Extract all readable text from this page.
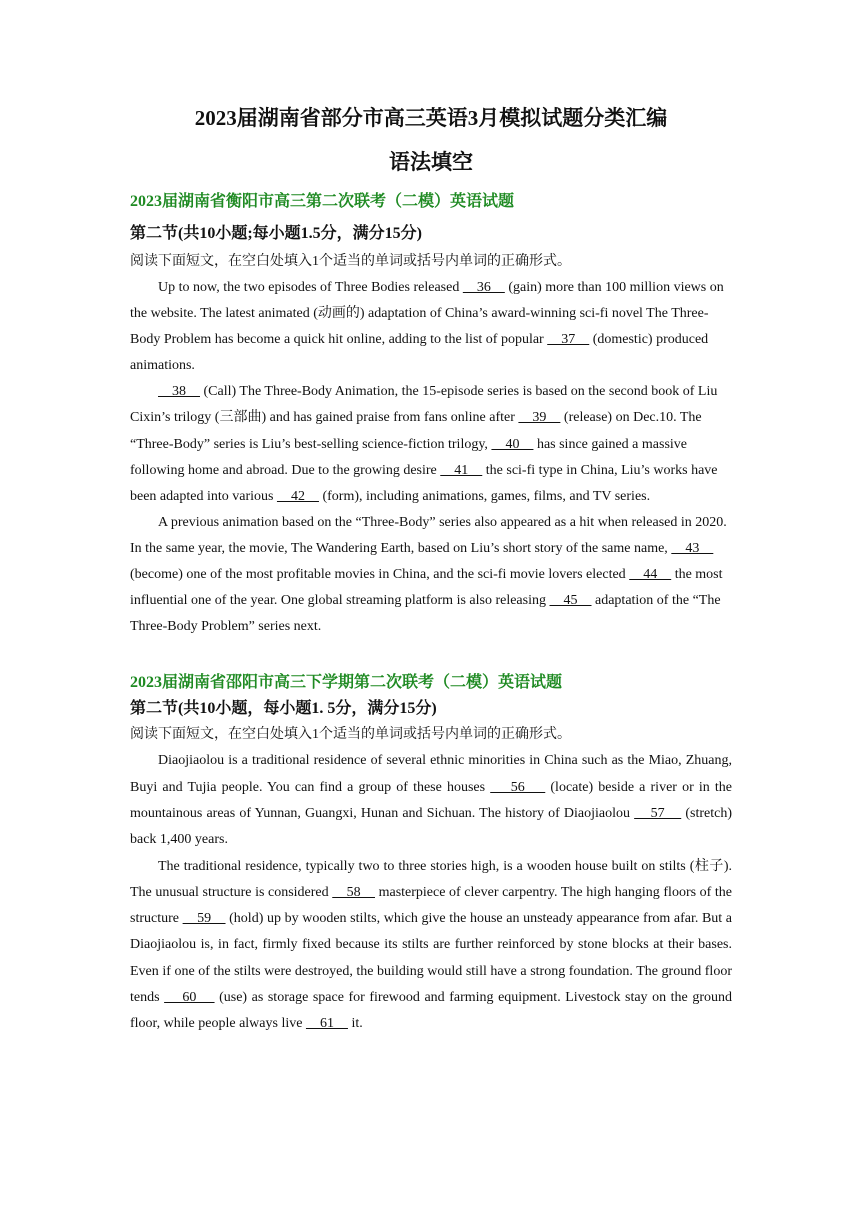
2023届湖南省部分市高三英语3月模拟试题分类汇编
语法填空

2023届湖南省衡阳市高三第二次联考（二模）英语试题

第二节(共10小题;每小题1.5分，满分15分)

阅读下面短文，在空白处填入1个适当的单词或括号内单词的正确形式。

Up to now, the two episodes of Three Bodies released     36     (gain) more than 100 million views on the website. The latest animated (动画的) adaptation of China’s award-winning sci-fi novel The Three-Body Problem has become a quick hit online, adding to the list of popular     37     (domestic) produced animations.

38     (Call) The Three-Body Animation, the 15-episode series is based on the second book of Liu Cixin’s trilogy (三部曲) and has gained praise from fans online after     39     (release) on Dec.10. The “Three-Body” series is Liu’s best-selling science-fiction trilogy,     40     has since gained a massive following home and abroad. Due to the growing desire     41     the sci-fi type in China, Liu’s works have been adapted into various     42     (form), including animations, games, films, and TV series.

A previous animation based on the “Three-Body” series also appeared as a hit when released in 2020. In the same year, the movie, The Wandering Earth, based on Liu’s short story of the same name,     43     (become) one of the most profitable movies in China, and the sci-fi movie lovers elected     44     the most influential one of the year. One global streaming platform is also releasing     45     adaptation of the “The Three-Body Problem” series next.

2023届湖南省邵阳市高三下学期第二次联考（二模）英语试题

第二节(共10小题，每小题1. 5分，满分15分)

阅读下面短文，在空白处填入1个适当的单词或括号内单词的正确形式。

Diaojiaolou is a traditional residence of several ethnic minorities in China such as the Miao, Zhuang, Buyi and Tujia people. You can find a group of these houses     56     (locate) beside a river or in the mountainous areas of Yunnan, Guangxi, Hunan and Sichuan. The history of Diaojiaolou     57     (stretch) back 1,400 years.

The traditional residence, typically two to three stories high, is a wooden house built on stilts (柱子). The unusual structure is considered     58     masterpiece of clever carpentry. The high hanging floors of the structure     59     (hold) up by wooden stilts, which give the house an unsteady appearance from afar. But a Diaojiaolou is, in fact, firmly fixed because its stilts are further reinforced by stone blocks at their bases. Even if one of the stilts were destroyed, the building would still have a strong foundation. The ground floor tends     60     (use) as storage space for firewood and farming equipment. Livestock stay on the ground floor, while people always live     61     it.
